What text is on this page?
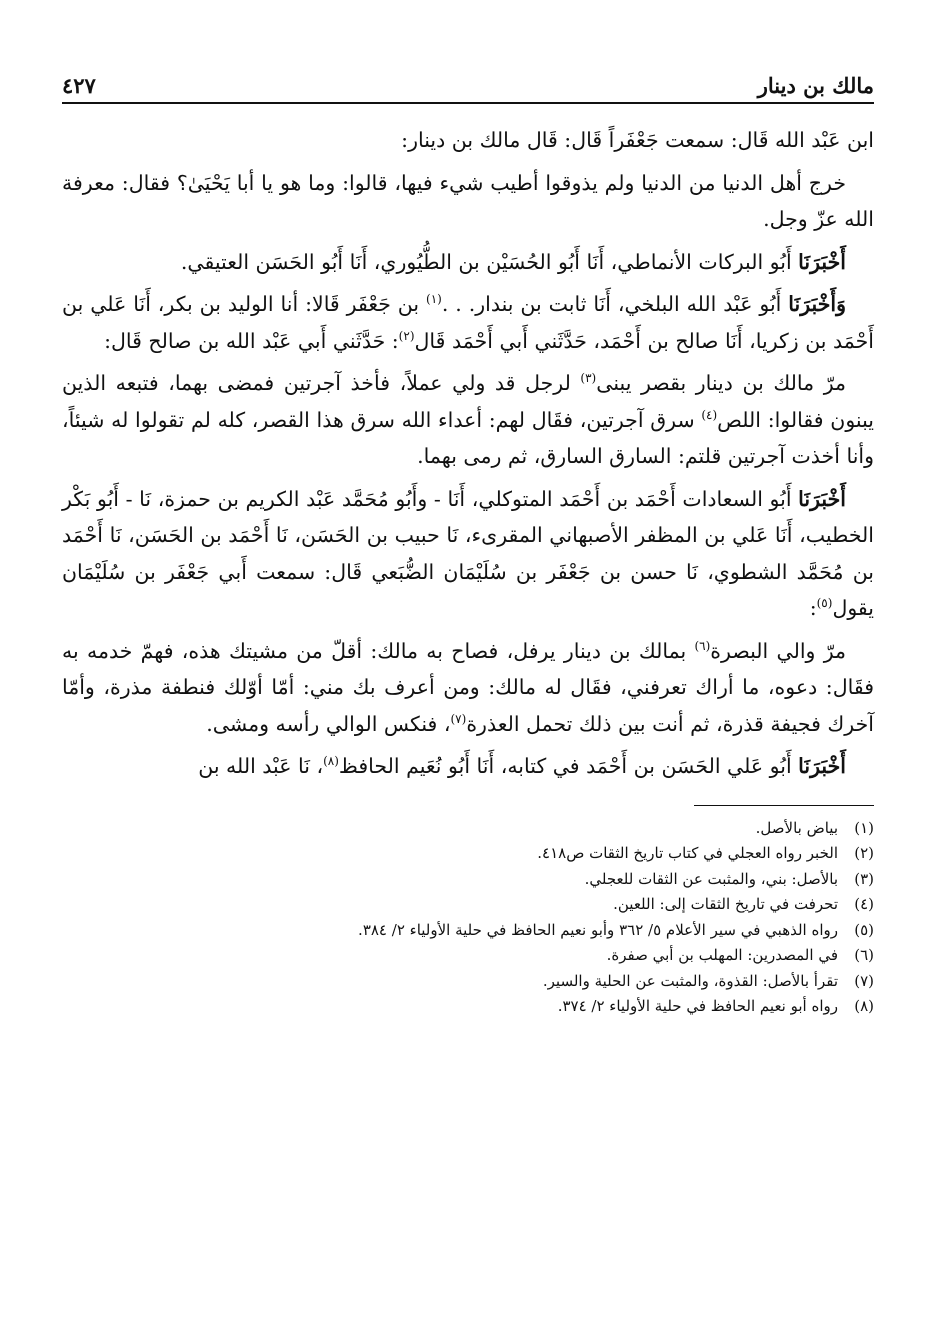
مالك بن دينار
٤٢٧

ابن عَبْد الله قَال: سمعت جَعْفَراً قَال: قَال مالك بن دينار:

خرج أهل الدنيا من الدنيا ولم يذوقوا أطيب شيء فيها، قالوا: وما هو يا أبا يَحْيَىٰ؟ فقال: معرفة الله عزّ وجل.

أَخْبَرَنَا أَبُو البركات الأنماطي، أَنَا أَبُو الحُسَيْن بن الطُّيُوري، أَنَا أَبُو الحَسَن العتيقي.

وَأَخْبَرَنَا أَبُو عَبْد الله البلخي، أَنَا ثابت بن بندار. . .$^{(١)}$ بن جَعْفَر قَالا: أنا الوليد بن بكر، أَنَا عَلي بن أَحْمَد بن زكريا، أَنَا صالح بن أَحْمَد، حَدَّثَني أَبي أَحْمَد قَال$^{(٢)}$: حَدَّثَني أَبي عَبْد الله بن صالح قَال:

مرّ مالك بن دينار بقصر يبنى$^{(٣)}$ لرجل قد ولي عملاً، فأخذ آجرتين فمضى بهما، فتبعه الذين يبنون فقالوا: اللص$^{(٤)}$ سرق آجرتين، فقَال لهم: أعداء الله سرق هذا القصر، كله لم تقولوا له شيئاً، وأنا أخذت آجرتين قلتم: السارق السارق، ثم رمى بهما.

أَخْبَرَنَا أَبُو السعادات أَحْمَد بن أَحْمَد المتوكلي، أَنَا - وأَبُو مُحَمَّد عَبْد الكريم بن حمزة، نَا - أَبُو بَكْر الخطيب، أَنَا عَلي بن المظفر الأصبهاني المقرىء، نَا حبيب بن الحَسَن، نَا أَحْمَد بن الحَسَن، نَا أَحْمَد بن مُحَمَّد الشطوي، نَا حسن بن جَعْفَر بن سُلَيْمَان الضُّبَعي قَال: سمعت أَبي جَعْفَر بن سُلَيْمَان يقول$^{(٥)}$:

مرّ والي البصرة$^{(٦)}$ بمالك بن دينار يرفل، فصاح به مالك: أقلّ من مشيتك هذه، فهمّ خدمه به فقَال: دعوه، ما أراك تعرفني، فقَال له مالك: ومن أعرف بك مني: أمّا أوّلك فنطفة مذرة، وأمّا آخرك فجيفة قذرة، ثم أنت بين ذلك تحمل العذرة$^{(٧)}$، فنكس الوالي رأسه ومشى.

أَخْبَرَنَا أَبُو عَلي الحَسَن بن أَحْمَد في كتابه، أَنَا أَبُو نُعَيم الحافظ$^{(٨)}$، نَا عَبْد الله بن

(١)
بياض بالأصل.
(٢)
الخبر رواه العجلي في كتاب تاريخ الثقات ص٤١٨.
(٣)
بالأصل: بني، والمثبت عن الثقات للعجلي.
(٤)
تحرفت في تاريخ الثقات إلى: اللعين.
(٥)
رواه الذهبي في سير الأعلام ٥/ ٣٦٢ وأبو نعيم الحافظ في حلية الأولياء ٢/ ٣٨٤.
(٦)
في المصدرين: المهلب بن أبي صفرة.
(٧)
تقرأ بالأصل: القذوة، والمثبت عن الحلية والسير.
(٨)
رواه أبو نعيم الحافظ في حلية الأولياء ٢/ ٣٧٤.
